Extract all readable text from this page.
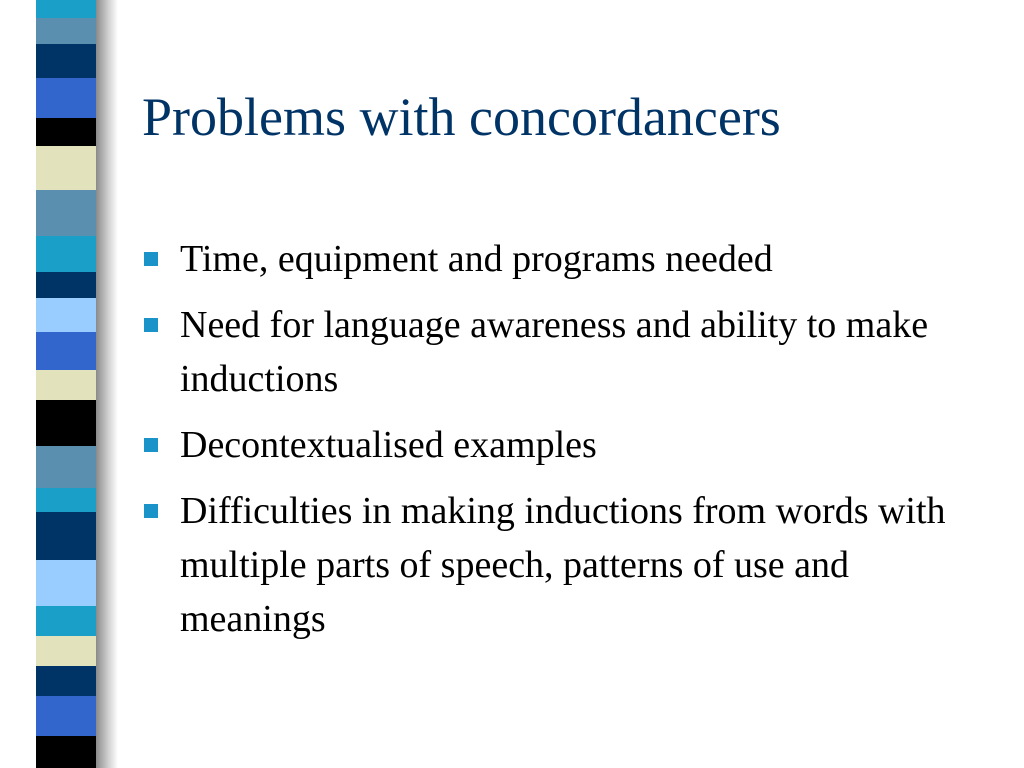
Problems with concordancers
Time, equipment and programs needed
Need for language awareness and ability to make inductions
Decontextualised examples
Difficulties in making inductions from words with multiple parts of speech, patterns of use and meanings
